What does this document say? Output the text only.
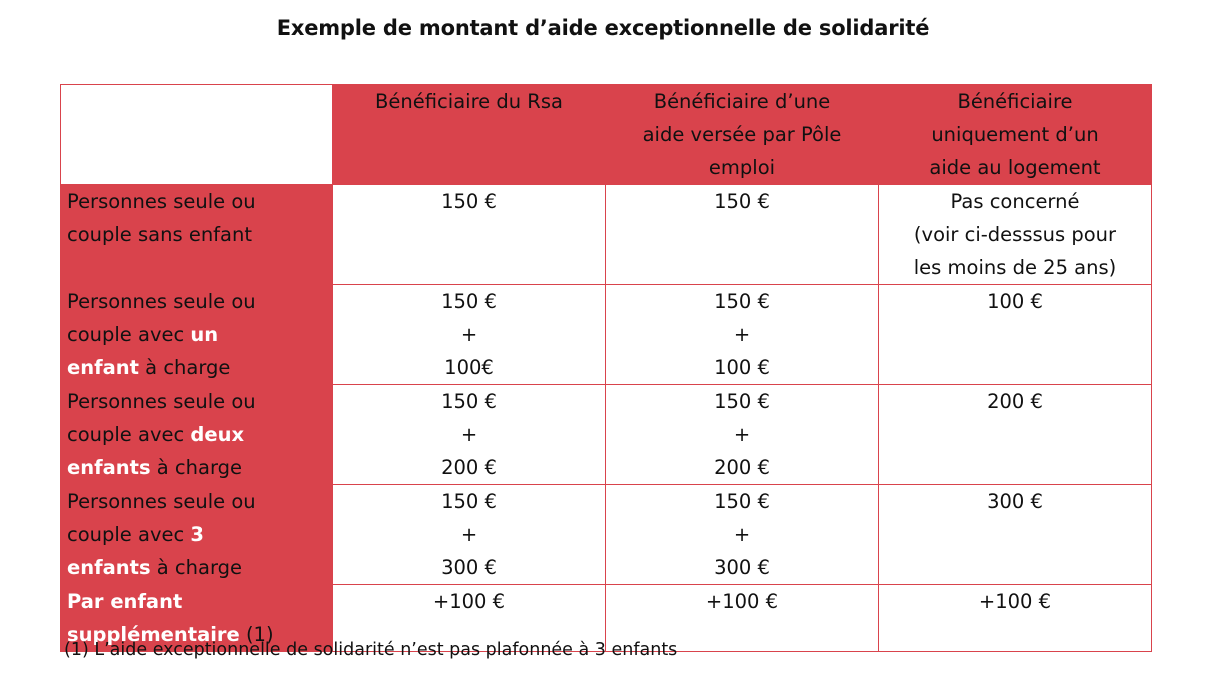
Exemple de montant d’aide exceptionnelle de solidarité

	Bénéficiaire du Rsa	Bénéficiaire d’une
aide versée par Pôle
emploi	Bénéficiaire
uniquement d’un
aide au logement

Personnes seule ou
couple sans enfant	150 €	150 €	Pas concerné
(voir ci-desssus pour
les moins de 25 ans)

Personnes seule ou
couple avec un
enfant à charge	150 €
+
100€	150 €
+
100 €	100 €

Personnes seule ou
couple avec deux
enfants à charge	150 €
+
200 €	150 €
+
200 €	200 €

Personnes seule ou
couple avec 3
enfants à charge	150 €
+
300 €	150 €
+
300 €	300 €

Par enfant
supplémentaire (1)	+100 €	+100 €	+100 €
(1) L’aide exceptionnelle de solidarité n’est pas plafonnée à 3 enfants
